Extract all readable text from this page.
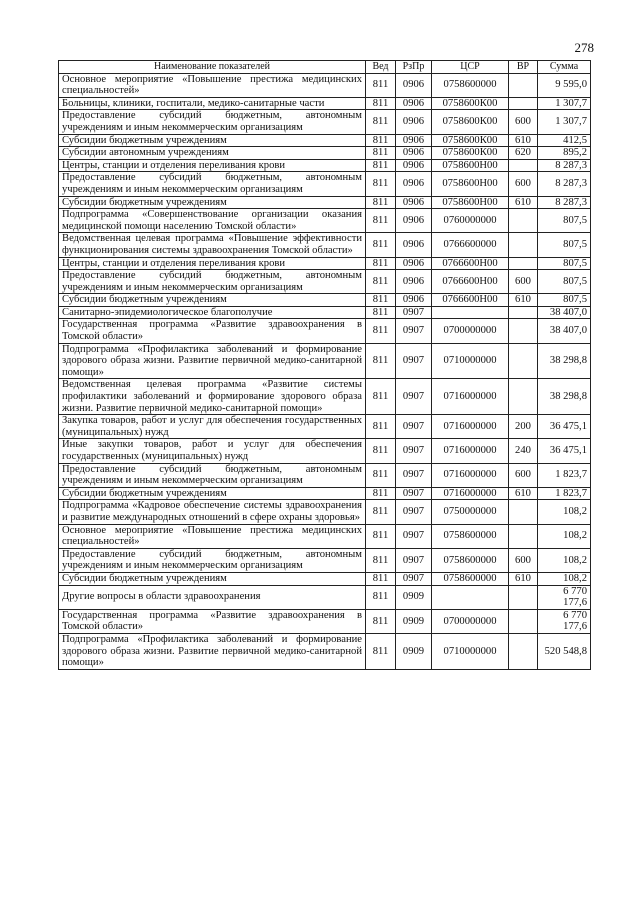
278
Наименование показателей	Вед	РзПр	ЦСР	ВР	Сумма
Основное мероприятие «Повышение престижа медицинских специальностей»	811	0906	0758600000		9 595,0
Больницы, клиники, госпитали, медико-санитарные части	811	0906	0758600К00		1 307,7
Предоставление субсидий бюджетным, автономным учреждениям и иным некоммерческим организациям	811	0906	0758600К00	600	1 307,7
Субсидии бюджетным учреждениям	811	0906	0758600К00	610	412,5
Субсидии автономным учреждениям	811	0906	0758600К00	620	895,2
Центры, станции и отделения переливания крови	811	0906	0758600Н00		8 287,3
Предоставление субсидий бюджетным, автономным учреждениям и иным некоммерческим организациям	811	0906	0758600Н00	600	8 287,3
Субсидии бюджетным учреждениям	811	0906	0758600Н00	610	8 287,3
Подпрограмма «Совершенствование организации оказания медицинской помощи населению Томской области»	811	0906	0760000000		807,5
Ведомственная целевая программа «Повышение эффективности функционирования системы здравоохранения Томской области»	811	0906	0766600000		807,5
Центры, станции и отделения переливания крови	811	0906	0766600Н00		807,5
Предоставление субсидий бюджетным, автономным учреждениям и иным некоммерческим организациям	811	0906	0766600Н00	600	807,5
Субсидии бюджетным учреждениям	811	0906	0766600Н00	610	807,5
Санитарно-эпидемиологическое благополучие	811	0907			38 407,0
Государственная программа «Развитие здравоохранения в Томской области»	811	0907	0700000000		38 407,0
Подпрограмма «Профилактика заболеваний и формирование здорового образа жизни. Развитие первичной медико-санитарной помощи»	811	0907	0710000000		38 298,8
Ведомственная целевая программа «Развитие системы профилактики заболеваний и формирование здорового образа жизни. Развитие первичной медико-санитарной помощи»	811	0907	0716000000		38 298,8
Закупка товаров, работ и услуг для обеспечения государственных (муниципальных) нужд	811	0907	0716000000	200	36 475,1
Иные закупки товаров, работ и услуг для обеспечения государственных (муниципальных) нужд	811	0907	0716000000	240	36 475,1
Предоставление субсидий бюджетным, автономным учреждениям и иным некоммерческим организациям	811	0907	0716000000	600	1 823,7
Субсидии бюджетным учреждениям	811	0907	0716000000	610	1 823,7
Подпрограмма «Кадровое обеспечение системы здравоохранения и развитие международных отношений в сфере охраны здоровья»	811	0907	0750000000		108,2
Основное мероприятие «Повышение престижа медицинских специальностей»	811	0907	0758600000		108,2
Предоставление субсидий бюджетным, автономным учреждениям и иным некоммерческим организациям	811	0907	0758600000	600	108,2
Субсидии бюджетным учреждениям	811	0907	0758600000	610	108,2
Другие вопросы в области здравоохранения	811	0909			6 770 177,6
Государственная программа «Развитие здравоохранения в Томской области»	811	0909	0700000000		6 770 177,6
Подпрограмма «Профилактика заболеваний и формирование здорового образа жизни. Развитие первичной медико-санитарной помощи»	811	0909	0710000000		520 548,8
